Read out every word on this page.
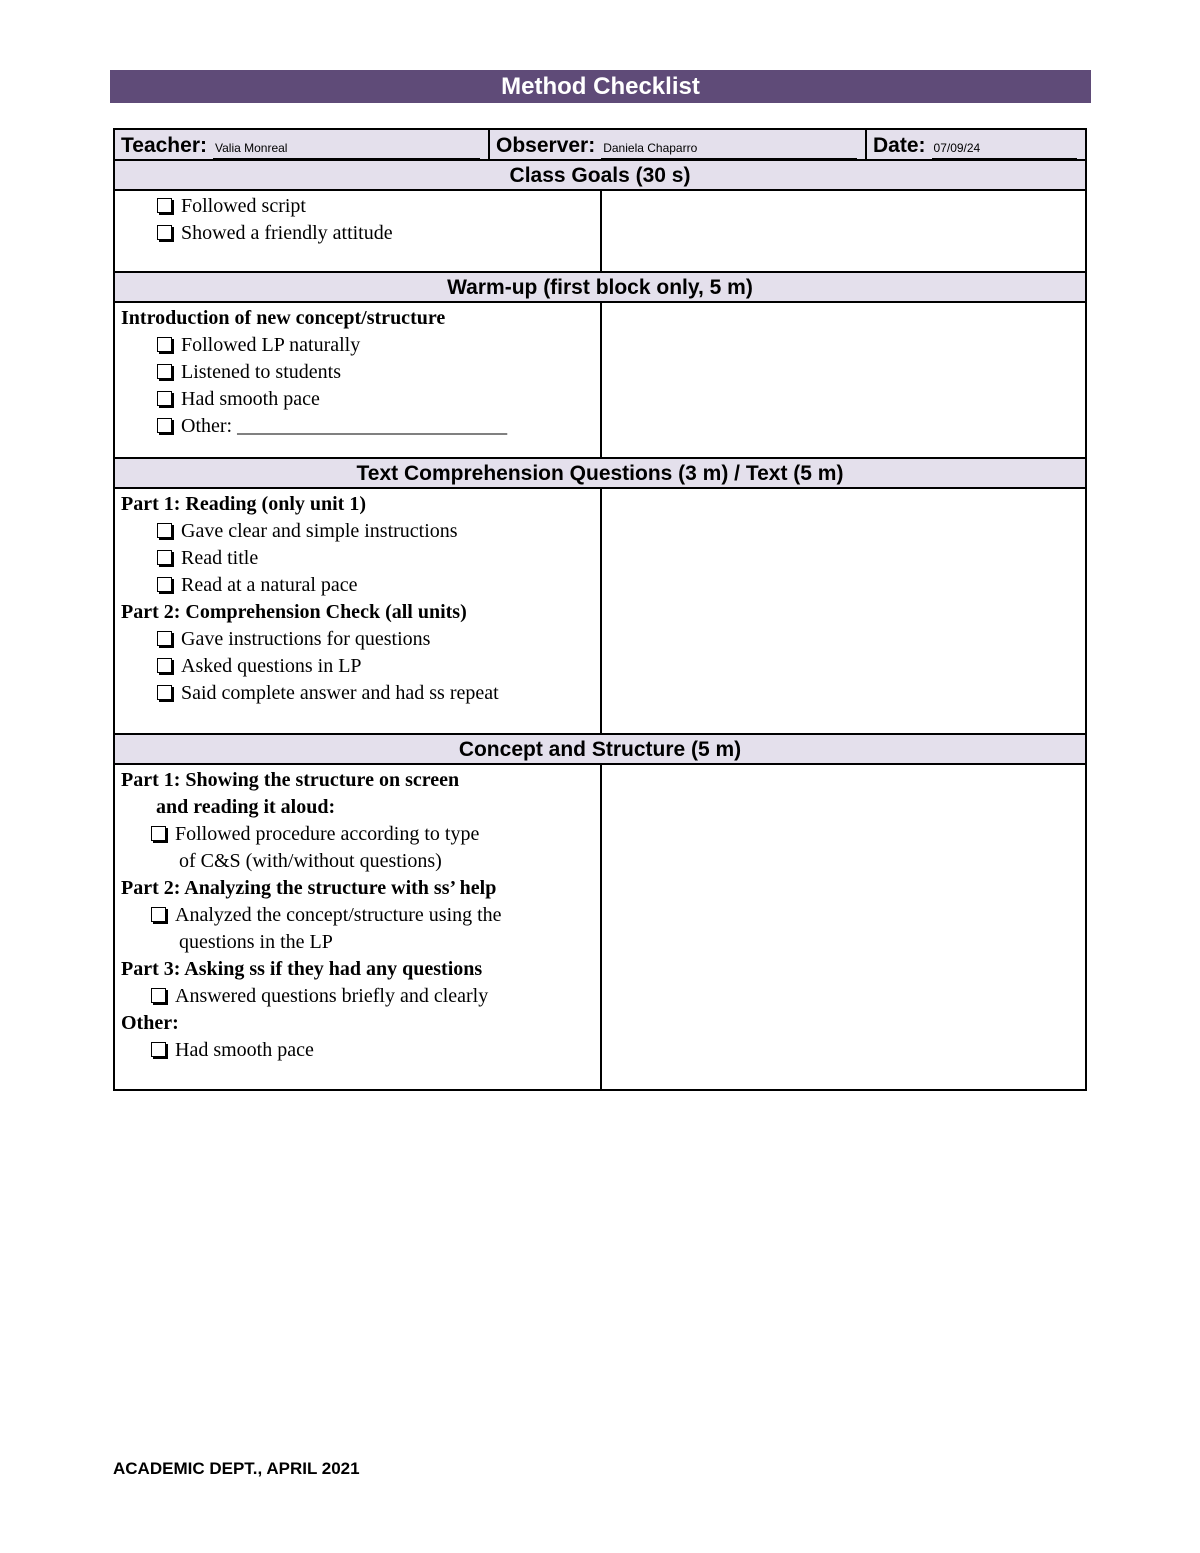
Method Checklist
Teacher: Valia Monreal	Observer: Daniela Chaparro	Date: 07/09/24
Class Goals (30 s)
Followed script
Showed a friendly attitude
Warm-up (first block only, 5 m)
Introduction of new concept/structure
Followed LP naturally
Listened to students
Had smooth pace
Other: ___________________________
Text Comprehension Questions (3 m) / Text (5 m)
Part 1: Reading (only unit 1)
Gave clear and simple instructions
Read title
Read at a natural pace
Part 2: Comprehension Check (all units)
Gave instructions for questions
Asked questions in LP
Said complete answer and had ss repeat
Concept and Structure (5 m)
Part 1: Showing the structure on screen
and reading it aloud:
Followed procedure according to type
of C&S (with/without questions)
Part 2: Analyzing the structure with ss’ help
Analyzed the concept/structure using the
questions in the LP
Part 3: Asking ss if they had any questions
Answered questions briefly and clearly
Other:
Had smooth pace
ACADEMIC DEPT., APRIL 2021
